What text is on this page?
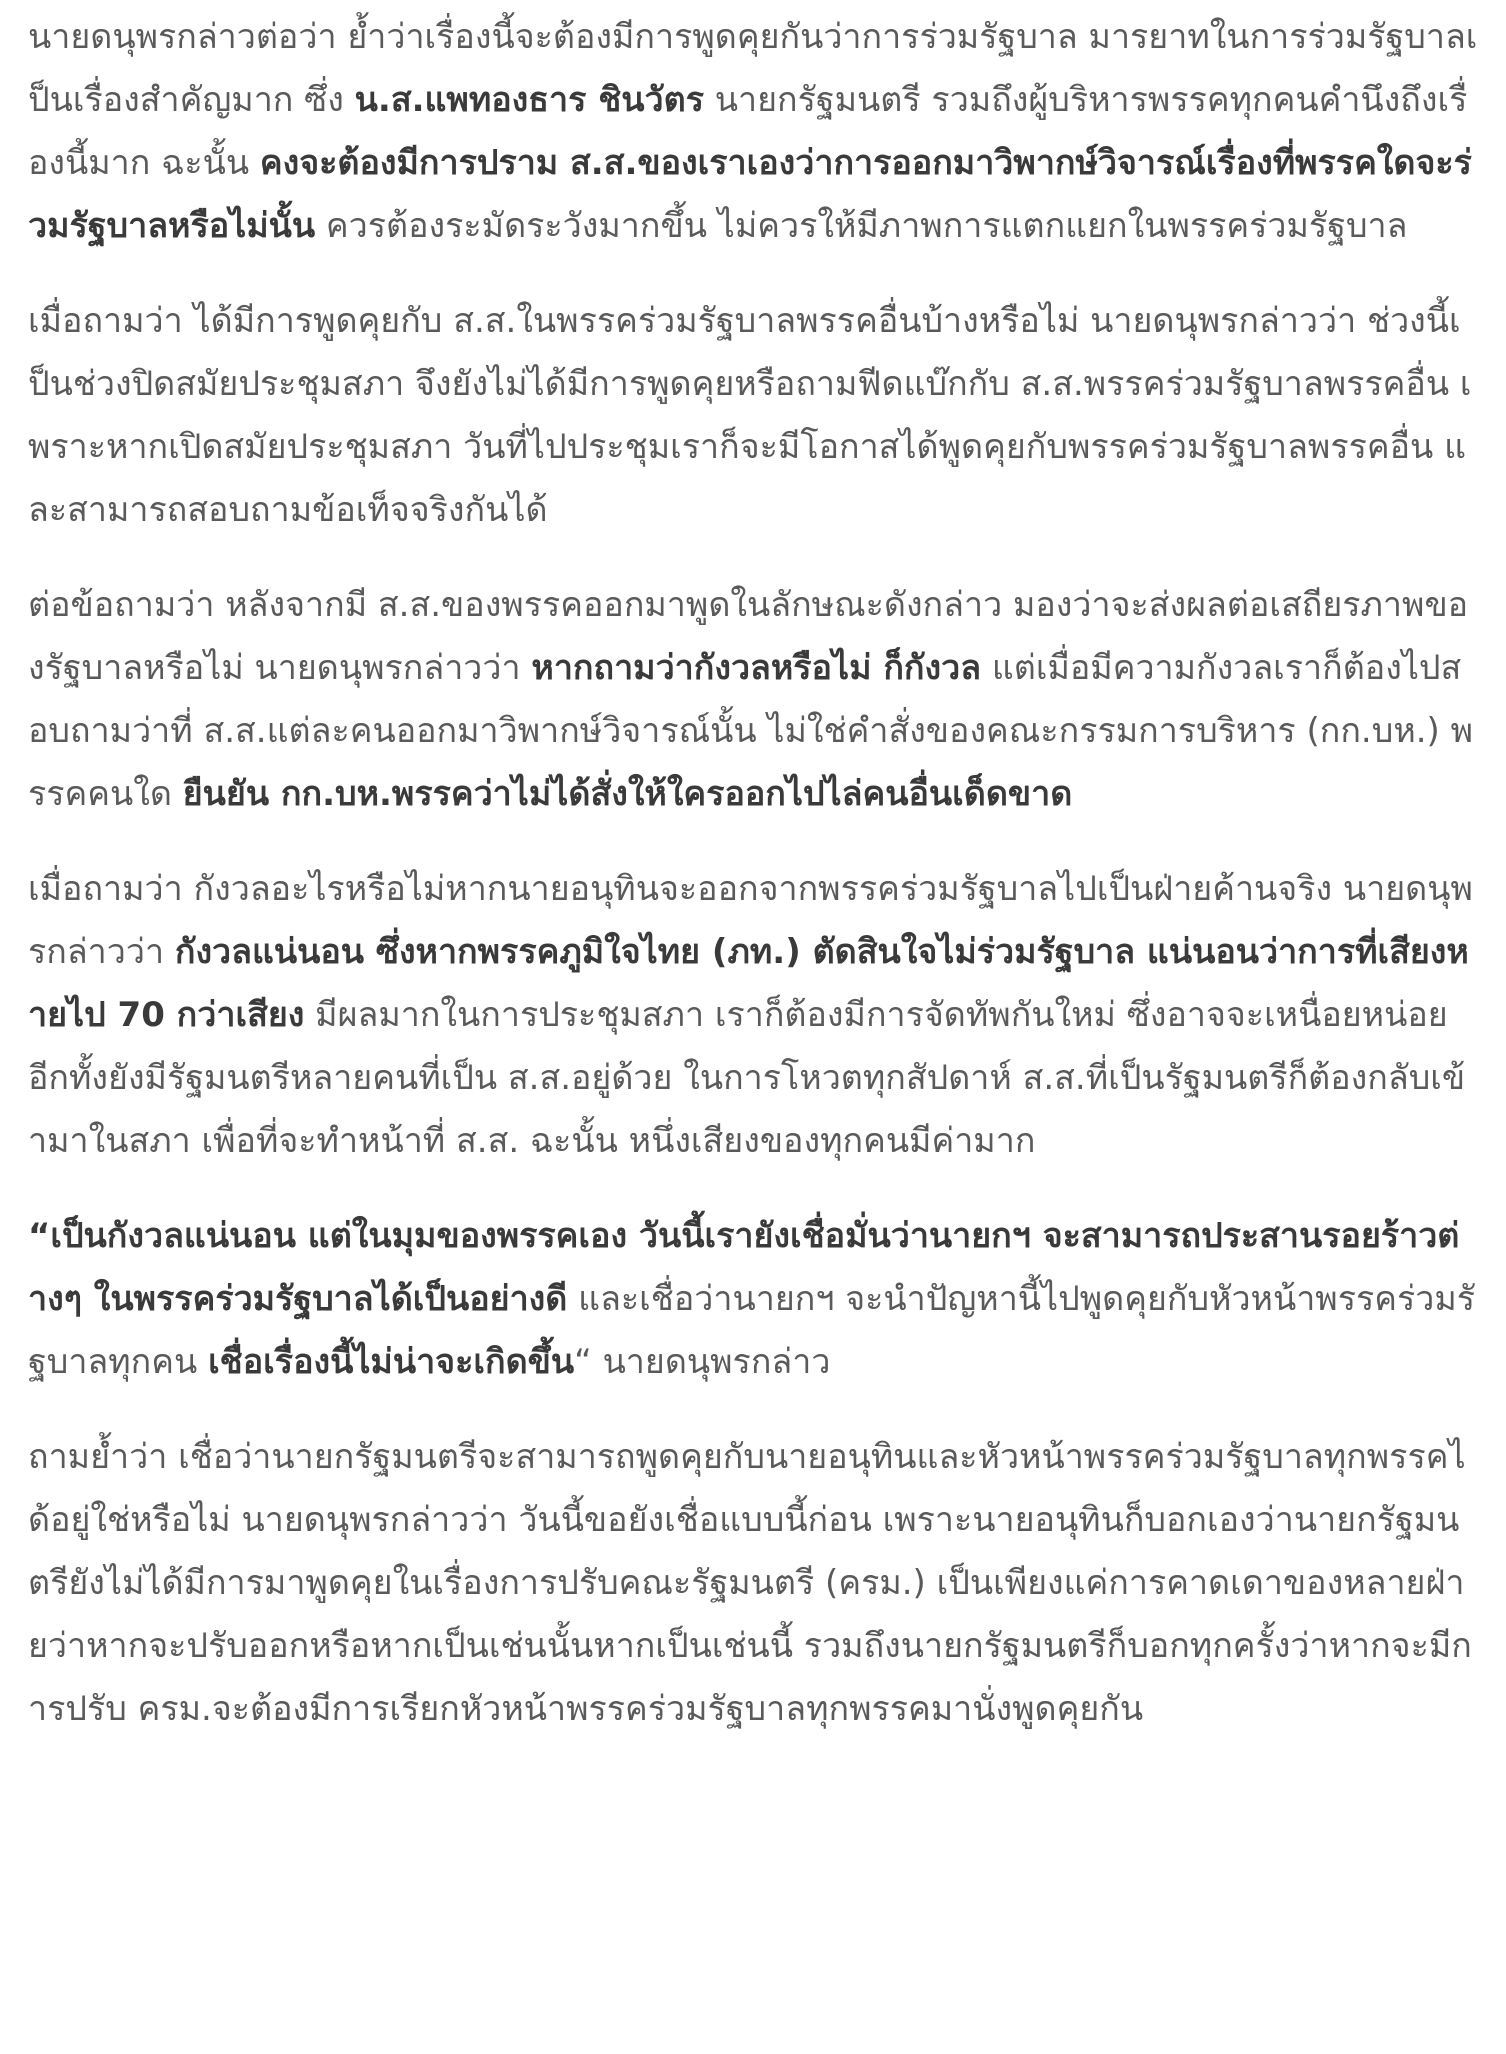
นายดนุพรกล่าวต่อว่า ย้ำว่าเรื่องนี้จะต้องมีการพูดคุยกันว่าการร่วมรัฐบาล มารยาทในการร่วมรัฐบาลเป็นเรื่องสำคัญมาก ซึ่ง น.ส.แพทองธาร ชินวัตร นายกรัฐมนตรี รวมถึงผู้บริหารพรรคทุกคนคำนึงถึงเรื่องนี้มาก ฉะนั้น คงจะต้องมีการปราม ส.ส.ของเราเองว่าการออกมาวิพากษ์วิจารณ์เรื่องที่พรรคใดจะร่วมรัฐบาลหรือไม่นั้น ควรต้องระมัดระวังมากขึ้น ไม่ควรให้มีภาพการแตกแยกในพรรคร่วมรัฐบาล

เมื่อถามว่า ได้มีการพูดคุยกับ ส.ส.ในพรรคร่วมรัฐบาลพรรคอื่นบ้างหรือไม่ นายดนุพรกล่าวว่า ช่วงนี้เป็นช่วงปิดสมัยประชุมสภา จึงยังไม่ได้มีการพูดคุยหรือถามฟีดแบ๊กกับ ส.ส.พรรคร่วมรัฐบาลพรรคอื่น เพราะหากเปิดสมัยประชุมสภา วันที่ไปประชุมเราก็จะมีโอกาสได้พูดคุยกับพรรคร่วมรัฐบาลพรรคอื่น และสามารถสอบถามข้อเท็จจริงกันได้

ต่อข้อถามว่า หลังจากมี ส.ส.ของพรรคออกมาพูดในลักษณะดังกล่าว มองว่าจะส่งผลต่อเสถียรภาพของรัฐบาลหรือไม่ นายดนุพรกล่าวว่า หากถามว่ากังวลหรือไม่ ก็กังวล แต่เมื่อมีความกังวลเราก็ต้องไปสอบถามว่าที่ ส.ส.แต่ละคนออกมาวิพากษ์วิจารณ์นั้น ไม่ใช่คำสั่งของคณะกรรมการบริหาร (กก.บห.) พรรคคนใด ยืนยัน กก.บห.พรรคว่าไม่ได้สั่งให้ใครออกไปไล่คนอื่นเด็ดขาด

เมื่อถามว่า กังวลอะไรหรือไม่หากนายอนุทินจะออกจากพรรคร่วมรัฐบาลไปเป็นฝ่ายค้านจริง นายดนุพรกล่าวว่า กังวลแน่นอน ซึ่งหากพรรคภูมิใจไทย (ภท.) ตัดสินใจไม่ร่วมรัฐบาล แน่นอนว่าการที่เสียงหายไป 70 กว่าเสียง มีผลมากในการประชุมสภา เราก็ต้องมีการจัดทัพกันใหม่ ซึ่งอาจจะเหนื่อยหน่อย อีกทั้งยังมีรัฐมนตรีหลายคนที่เป็น ส.ส.อยู่ด้วย ในการโหวตทุกสัปดาห์ ส.ส.ที่เป็นรัฐมนตรีก็ต้องกลับเข้ามาในสภา เพื่อที่จะทำหน้าที่ ส.ส. ฉะนั้น หนึ่งเสียงของทุกคนมีค่ามาก

“เป็นกังวลแน่นอน แต่ในมุมของพรรคเอง วันนี้เรายังเชื่อมั่นว่านายกฯ จะสามารถประสานรอยร้าวต่างๆ ในพรรคร่วมรัฐบาลได้เป็นอย่างดี และเชื่อว่านายกฯ จะนำปัญหานี้ไปพูดคุยกับหัวหน้าพรรคร่วมรัฐบาลทุกคน เชื่อเรื่องนี้ไม่น่าจะเกิดขึ้น“ นายดนุพรกล่าว

ถามย้ำว่า เชื่อว่านายกรัฐมนตรีจะสามารถพูดคุยกับนายอนุทินและหัวหน้าพรรคร่วมรัฐบาลทุกพรรคได้อยู่ใช่หรือไม่ นายดนุพรกล่าวว่า วันนี้ขอยังเชื่อแบบนี้ก่อน เพราะนายอนุทินก็บอกเองว่านายกรัฐมนตรียังไม่ได้มีการมาพูดคุยในเรื่องการปรับคณะรัฐมนตรี (ครม.) เป็นเพียงแค่การคาดเดาของหลายฝ่ายว่าหากจะปรับออกหรือหากเป็นเช่นนั้นหากเป็นเช่นนี้ รวมถึงนายกรัฐมนตรีก็บอกทุกครั้งว่าหากจะมีการปรับ ครม.จะต้องมีการเรียกหัวหน้าพรรคร่วมรัฐบาลทุกพรรคมานั่งพูดคุยกัน
